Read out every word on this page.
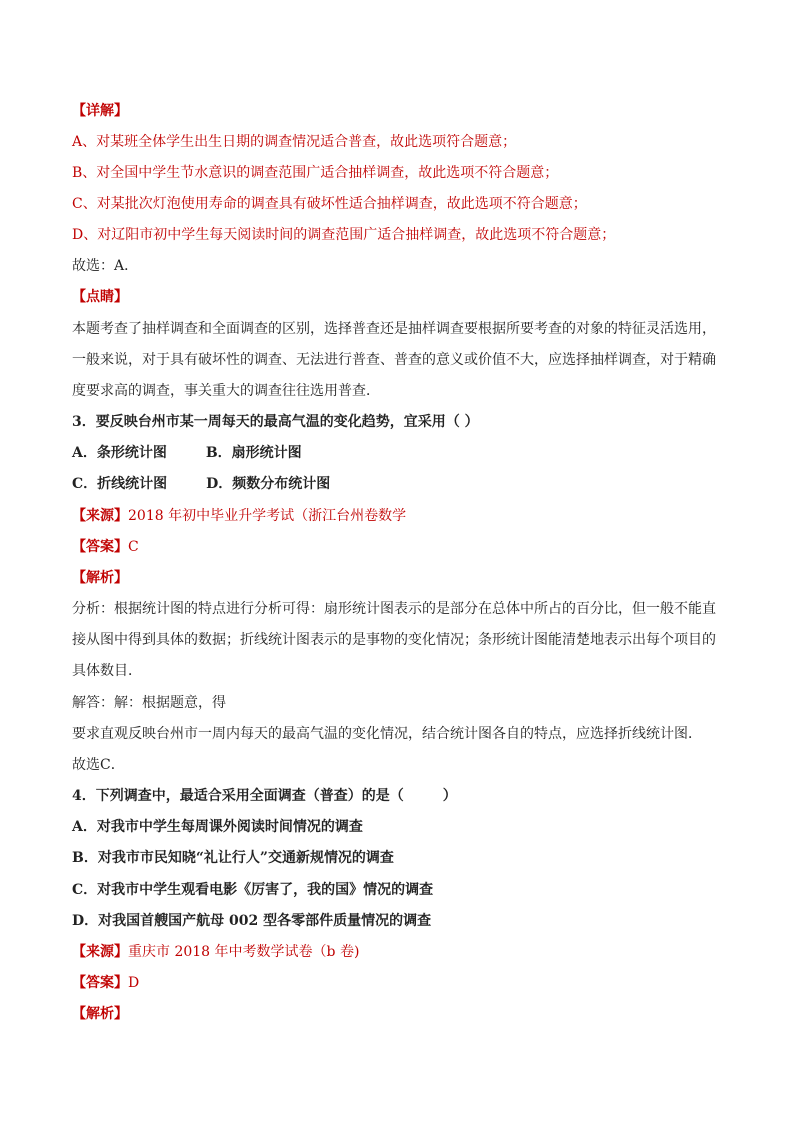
【详解】
A、对某班全体学生出生日期的调查情况适合普查，故此选项符合题意；
B、对全国中学生节水意识的调查范围广适合抽样调查，故此选项不符合题意；
C、对某批次灯泡使用寿命的调查具有破坏性适合抽样调查，故此选项不符合题意；
D、对辽阳市初中学生每天阅读时间的调查范围广适合抽样调查，故此选项不符合题意；
故选：A．
【点睛】
本题考查了抽样调查和全面调查的区别，选择普查还是抽样调查要根据所要考查的对象的特征灵活选用，
一般来说，对于具有破坏性的调查、无法进行普查、普查的意义或价值不大，应选择抽样调查，对于精确
度要求高的调查，事关重大的调查往往选用普查．
3．要反映台州市某一周每天的最高气温的变化趋势，宜采用（ ）
A．条形统计图        B．扇形统计图
C．折线统计图        D．频数分布统计图
【来源】2018 年初中毕业升学考试（浙江台州卷数学
【答案】C
【解析】
分析：根据统计图的特点进行分析可得：扇形统计图表示的是部分在总体中所占的百分比，但一般不能直
接从图中得到具体的数据；折线统计图表示的是事物的变化情况；条形统计图能清楚地表示出每个项目的
具体数目．
解答：解：根据题意，得
要求直观反映台州市一周内每天的最高气温的变化情况，结合统计图各自的特点，应选择折线统计图．
故选C．
4．下列调查中，最适合采用全面调查（普查）的是（        ）
A．对我市中学生每周课外阅读时间情况的调查
B．对我市市民知晓“礼让行人”交通新规情况的调查
C．对我市中学生观看电影《厉害了，我的国》情况的调查
D．对我国首艘国产航母 002 型各零部件质量情况的调查
【来源】重庆市 2018 年中考数学试卷（b 卷)
【答案】D
【解析】
